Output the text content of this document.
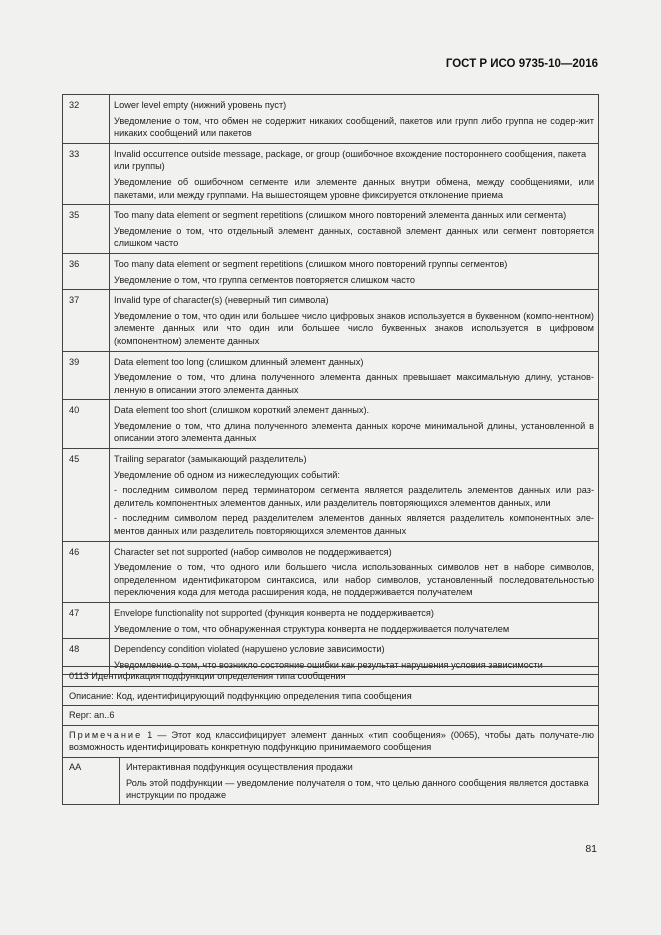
ГОСТ Р ИСО 9735-10—2016
32	Lower level empty (нижний уровень пуст)

Уведомление о том, что обмен не содержит никаких сообщений, пакетов или групп либо группа не содер-жит никаких сообщений или пакетов

33	Invalid occurrence outside message, package, or group (ошибочное вхождение постороннего сообщения, пакета или группы)

Уведомление об ошибочном сегменте или элементе данных внутри обмена, между сообщениями, или пакетами, или между группами. На вышестоящем уровне фиксируется отклонение приема

35	Too many data element or segment repetitions (слишком много повторений элемента данных или сегмента)

Уведомление о том, что отдельный элемент данных, составной элемент данных или сегмент повторяется слишком часто

36	Too many data element or segment repetitions (слишком много повторений группы сегментов)

Уведомление о том, что группа сегментов повторяется слишком часто

37	Invalid type of character(s) (неверный тип символа)

Уведомление о том, что один или большее число цифровых знаков используется в буквенном (компо-нентном) элементе данных или что один или большее число буквенных знаков используется в цифровом (компонентном) элементе данных

39	Data element too long (слишком длинный элемент данных)

Уведомление о том, что длина полученного элемента данных превышает максимальную длину, установ-ленную в описании этого элемента данных

40	Data element too short (слишком короткий элемент данных).

Уведомление о том, что длина полученного элемента данных короче минимальной длины, установленной в описании этого элемента данных

45	Trailing separator (замыкающий разделитель)

Уведомление об одном из нижеследующих событий:

- последним символом перед терминатором сегмента является разделитель элементов данных или раз-делитель компонентных элементов данных, или разделитель повторяющихся элементов данных, или

- последним символом перед разделителем элементов данных является разделитель компонентных эле-ментов данных или разделитель повторяющихся элементов данных

46	Character set not supported (набор символов не поддерживается)

Уведомление о том, что одного или большего числа использованных символов нет в наборе символов, определенном идентификатором синтаксиса, или набор символов, установленный последовательностью переключения кода для метода расширения кода, не поддерживается получателем

47	Envelope functionality not supported (функция конверта не поддерживается)

Уведомление о том, что обнаруженная структура конверта не поддерживается получателем

48	Dependency condition violated (нарушено условие зависимости)

Уведомление о том, что возникло состояние ошибки как результат нарушения условия зависимости

0113 Идентификация подфункции определения типа сообщения
Описание: Код, идентифицирующий подфункцию определения типа сообщения
Repr: an..6
Примечание 1 — Этот код классифицирует элемент данных «тип сообщения» (0065), чтобы дать получате-лю возможность идентифицировать конкретную подфункцию принимаемого сообщения

AA	Интерактивная подфункция осуществления продажи
Роль этой подфункции — уведомление получателя о том, что целью данного сообщения является доставка инструкции по продаже
81
